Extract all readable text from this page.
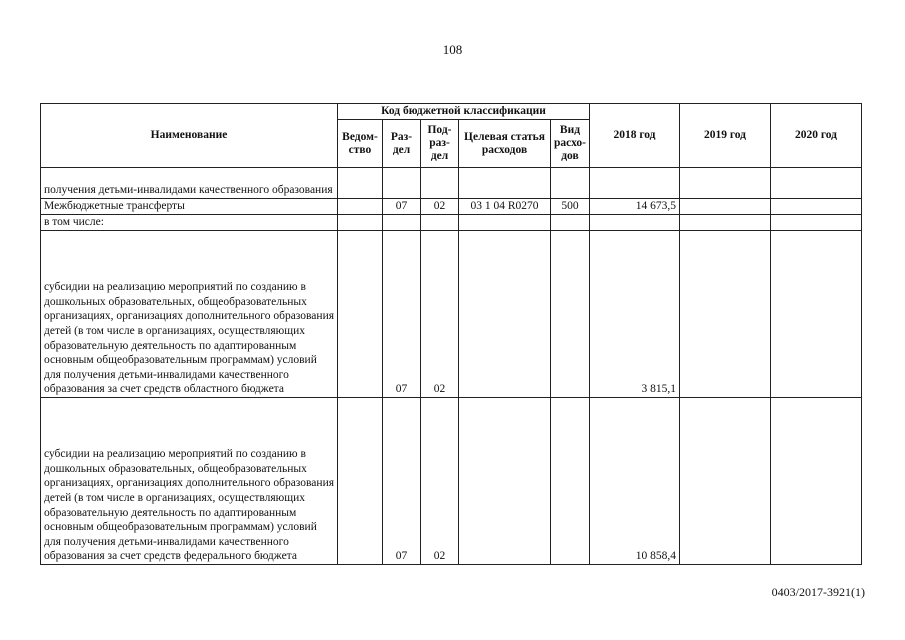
108
Наименование	Код бюджетной классификации					2018 год	2019 год	2020 год
	Ведом-ство	Раз-дел	Под-раз-дел	Целевая статья расходов	Вид расхо-дов			
получения детьми-инвалидами качественного образования								
Межбюджетные трансферты		07	02	03 1 04 R0270	500	14 673,5		
в том числе:								
субсидии на реализацию мероприятий по созданию в дошкольных образовательных, общеобразовательных организациях, организациях дополнительного образования детей (в том числе в организациях, осуществляющих образовательную деятельность по адаптированным основным общеобразовательным программам) условий для получения детьми-инвалидами качественного образования за счет средств областного бюджета		07	02			3 815,1		
субсидии на реализацию мероприятий по созданию в дошкольных образовательных, общеобразовательных организациях, организациях дополнительного образования детей (в том числе в организациях, осуществляющих образовательную деятельность по адаптированным основным общеобразовательным программам) условий для получения детьми-инвалидами качественного образования за счет средств федерального бюджета		07	02			10 858,4		
0403/2017-3921(1)
